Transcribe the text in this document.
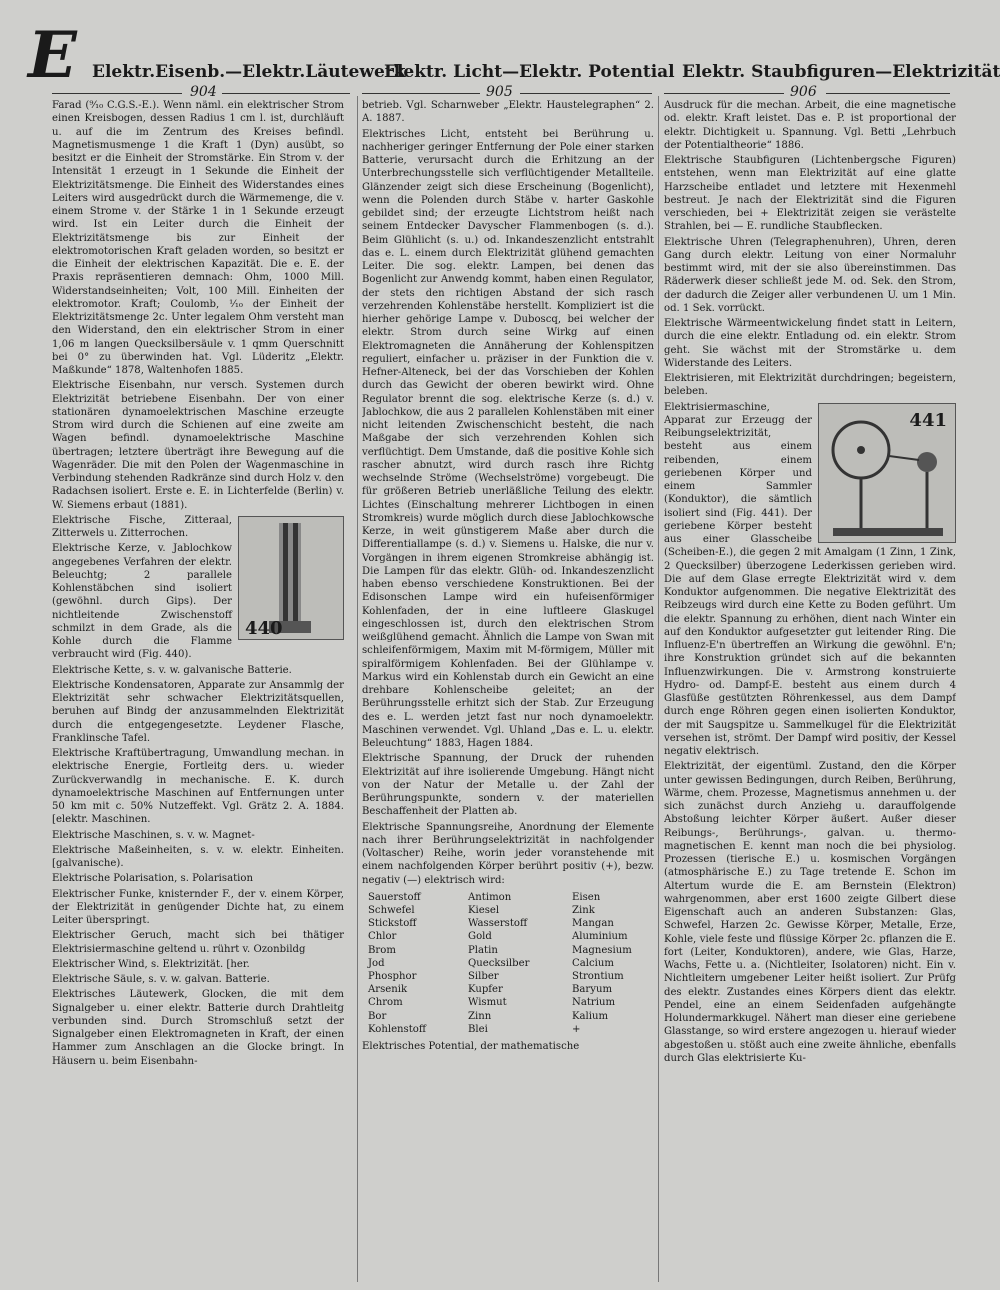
E Elektr.Eisenb.—Elektr.Läutewerk
Elektr. Licht—Elektr. Potential Elektr. Staubfiguren—Elektrizität
904	905	906

Farad (⁹⁄₁₀ C.G.S.-E.). Wenn näml. ein elektrischer Strom einen Kreisbogen, dessen Radius 1 cm l. ist, durchläuft u. auf die im Zentrum des Kreises befindl. Magnetismusmenge 1 die Kraft 1 (Dyn) ausübt, so besitzt er die Einheit der Stromstärke. Ein Strom v. der Intensität 1 erzeugt in 1 Sekunde die Einheit der Elektrizitätsmenge. Die Einheit des Widerstandes eines Leiters wird ausgedrückt durch die Wärmemenge, die v. einem Strome v. der Stärke 1 in 1 Sekunde erzeugt wird. Ist ein Leiter durch die Einheit der Elektrizitätsmenge bis zur Einheit der elektromotorischen Kraft geladen worden, so besitzt er die Einheit der elektrischen Kapazität. Die e. E. der Praxis repräsentieren demnach: Ohm, 1000 Mill. Widerstandseinheiten; Volt, 100 Mill. Einheiten der elektromotor. Kraft; Coulomb, ¹⁄₁₀ der Einheit der Elektrizitätsmenge 2c. Unter legalem Ohm versteht man den Widerstand, den ein elektrischer Strom in einer 1,06 m langen Quecksilbersäule v. 1 qmm Querschnitt bei 0° zu überwinden hat. Vgl. Lüderitz „Elektr. Maßkunde“ 1878, Waltenhofen 1885.

Elektrische Eisenbahn, nur versch. Systemen durch Elektrizität betriebene Eisenbahn. Der von einer stationären dynamoelektrischen Maschine erzeugte Strom wird durch die Schienen auf eine zweite am Wagen befindl. dynamoelektrische Maschine übertragen; letztere überträgt ihre Bewegung auf die Wagenräder. Die mit den Polen der Wagenmaschine in Verbindung stehenden Radkränze sind durch Holz v. den Radachsen isoliert. Erste e. E. in Lichterfelde (Berlin) v. W. Siemens erbaut (1881).

440

Elektrische Fische, Zitteraal, Zitterwels u. Zitterrochen.

Elektrische Kerze, v. Jablochkow angegebenes Verfahren der elektr. Beleuchtg; 2 parallele Kohlenstäbchen sind isoliert (gewöhnl. durch Gips). Der nichtleitende Zwischenstoff schmilzt in dem Grade, als die Kohle durch die Flamme verbraucht wird (Fig. 440).

Elektrische Kette, s. v. w. galvanische Batterie.

Elektrische Kondensatoren, Apparate zur Ansammlg der Elektrizität sehr schwacher Elektrizitätsquellen, beruhen auf Bindg der anzusammelnden Elektrizität durch die entgegengesetzte. Leydener Flasche, Franklinsche Tafel.

Elektrische Kraftübertragung, Umwandlung mechan. in elektrische Energie, Fortleitg ders. u. wieder Zurückverwandlg in mechanische. E. K. durch dynamoelektrische Maschinen auf Entfernungen unter 50 km mit c. 50% Nutzeffekt. Vgl. Grätz 2. A. 1884. [elektr. Maschinen.

Elektrische Maschinen, s. v. w. Magnet-

Elektrische Maßeinheiten, s. v. w. elektr. Einheiten. [galvanische).

Elektrische Polarisation, s. Polarisation

Elektrischer Funke, knisternder F., der v. einem Körper, der Elektrizität in genügender Dichte hat, zu einem Leiter überspringt.

Elektrischer Geruch, macht sich bei thätiger Elektrisiermaschine geltend u. rührt v. Ozonbildg

Elektrischer Wind, s. Elektrizität. [her.

Elektrische Säule, s. v. w. galvan. Batterie.

Elektrisches Läutewerk, Glocken, die mit dem Signalgeber u. einer elektr. Batterie durch Drahtleitg verbunden sind. Durch Stromschluß setzt der Signalgeber einen Elektromagneten in Kraft, der einen Hammer zum Anschlagen an die Glocke bringt. In Häusern u. beim Eisenbahn-

betrieb. Vgl. Scharnweber „Elektr. Haustelegraphen“ 2. A. 1887.

Elektrisches Licht, entsteht bei Berührung u. nachheriger geringer Entfernung der Pole einer starken Batterie, verursacht durch die Erhitzung an der Unterbrechungsstelle sich verflüchtigender Metallteile. Glänzender zeigt sich diese Erscheinung (Bogenlicht), wenn die Polenden durch Stäbe v. harter Gaskohle gebildet sind; der erzeugte Lichtstrom heißt nach seinem Entdecker Davyscher Flammenbogen (s. d.). Beim Glühlicht (s. u.) od. Inkandeszenzlicht entstrahlt das e. L. einem durch Elektrizität glühend gemachten Leiter. Die sog. elektr. Lampen, bei denen das Bogenlicht zur Anwendg kommt, haben einen Regulator, der stets den richtigen Abstand der sich rasch verzehrenden Kohlenstäbe herstellt. Kompliziert ist die hierher gehörige Lampe v. Duboscq, bei welcher der elektr. Strom durch seine Wirkg auf einen Elektromagneten die Annäherung der Kohlenspitzen reguliert, einfacher u. präziser in der Funktion die v. Hefner-Alteneck, bei der das Vorschieben der Kohlen durch das Gewicht der oberen bewirkt wird. Ohne Regulator brennt die sog. elektrische Kerze (s. d.) v. Jablochkow, die aus 2 parallelen Kohlenstäben mit einer nicht leitenden Zwischenschicht besteht, die nach Maßgabe der sich verzehrenden Kohlen sich verflüchtigt. Dem Umstande, daß die positive Kohle sich rascher abnutzt, wird durch rasch ihre Richtg wechselnde Ströme (Wechselströme) vorgebeugt. Die für größeren Betrieb unerläßliche Teilung des elektr. Lichtes (Einschaltung mehrerer Lichtbogen in einen Stromkreis) wurde möglich durch diese Jablochkowsche Kerze, in weit günstigerem Maße aber durch die Differentiallampe (s. d.) v. Siemens u. Halske, die nur v. Vorgängen in ihrem eigenen Stromkreise abhängig ist. Die Lampen für das elektr. Glüh- od. Inkandeszenzlicht haben ebenso verschiedene Konstruktionen. Bei der Edisonschen Lampe wird ein hufeisenförmiger Kohlenfaden, der in eine luftleere Glaskugel eingeschlossen ist, durch den elektrischen Strom weißglühend gemacht. Ähnlich die Lampe von Swan mit schleifenförmigem, Maxim mit M-förmigem, Müller mit spiralförmigem Kohlenfaden. Bei der Glühlampe v. Markus wird ein Kohlenstab durch ein Gewicht an eine drehbare Kohlenscheibe geleitet; an der Berührungsstelle erhitzt sich der Stab. Zur Erzeugung des e. L. werden jetzt fast nur noch dynamoelektr. Maschinen verwendet. Vgl. Uhland „Das e. L. u. elektr. Beleuchtung“ 1883, Hagen 1884.

Elektrische Spannung, der Druck der ruhenden Elektrizität auf ihre isolierende Umgebung. Hängt nicht von der Natur der Metalle u. der Zahl der Berührungspunkte, sondern v. der materiellen Beschaffenheit der Platten ab.

Elektrische Spannungsreihe, Anordnung der Elemente nach ihrer Berührungselektrizität in nachfolgender (Voltascher) Reihe, worin jeder voranstehende mit einem nachfolgenden Körper berührt positiv (+), bezw. negativ (—) elektrisch wird:

Sauerstoff	Antimon	Eisen
Schwefel	Kiesel	Zink
Stickstoff	Wasserstoff	Mangan
Chlor	Gold	Aluminium
Brom	Platin	Magnesium
Jod	Quecksilber	Calcium
Phosphor	Silber	Strontium
Arsenik	Kupfer	Baryum
Chrom	Wismut	Natrium
Bor	Zinn	Kalium
Kohlenstoff	Blei	+

Elektrisches Potential, der mathematische

Ausdruck für die mechan. Arbeit, die eine magnetische od. elektr. Kraft leistet. Das e. P. ist proportional der elektr. Dichtigkeit u. Spannung. Vgl. Betti „Lehrbuch der Potentialtheorie“ 1886.

Elektrische Staubfiguren (Lichtenbergsche Figuren) entstehen, wenn man Elektrizität auf eine glatte Harzscheibe entladet und letztere mit Hexenmehl bestreut. Je nach der Elektrizität sind die Figuren verschieden, bei + Elektrizität zeigen sie verästelte Strahlen, bei — E. rundliche Staubflecken.

Elektrische Uhren (Telegraphenuhren), Uhren, deren Gang durch elektr. Leitung von einer Normaluhr bestimmt wird, mit der sie also übereinstimmen. Das Räderwerk dieser schließt jede M. od. Sek. den Strom, der dadurch die Zeiger aller verbundenen U. um 1 Min. od. 1 Sek. vorrückt.

Elektrische Wärmeentwickelung findet statt in Leitern, durch die eine elektr. Entladung od. ein elektr. Strom geht. Sie wächst mit der Stromstärke u. dem Widerstande des Leiters.

Elektrisieren, mit Elektrizität durchdringen; begeistern, beleben.

441

Elektrisiermaschine, Apparat zur Erzeugg der Reibungselektrizität, besteht aus einem reibenden, einem geriebenen Körper und einem Sammler (Konduktor), die sämtlich isoliert sind (Fig. 441). Der geriebene Körper besteht aus einer Glasscheibe (Scheiben-E.), die gegen 2 mit Amalgam (1 Zinn, 1 Zink, 2 Quecksilber) überzogene Lederkissen gerieben wird. Die auf dem Glase erregte Elektrizität wird v. dem Konduktor aufgenommen. Die negative Elektrizität des Reibzeugs wird durch eine Kette zu Boden geführt. Um die elektr. Spannung zu erhöhen, dient nach Winter ein auf den Konduktor aufgesetzter gut leitender Ring. Die Influenz-E'n übertreffen an Wirkung die gewöhnl. E'n; ihre Konstruktion gründet sich auf die bekannten Influenzwirkungen. Die v. Armstrong konstruierte Hydro- od. Dampf-E. besteht aus einem durch 4 Glasfüße gestützten Röhrenkessel, aus dem Dampf durch enge Röhren gegen einen isolierten Konduktor, der mit Saugspitze u. Sammelkugel für die Elektrizität versehen ist, strömt. Der Dampf wird positiv, der Kessel negativ elektrisch.

Elektrizität, der eigentüml. Zustand, den die Körper unter gewissen Bedingungen, durch Reiben, Berührung, Wärme, chem. Prozesse, Magnetismus annehmen u. der sich zunächst durch Anziehg u. darauffolgende Abstoßung leichter Körper äußert. Außer dieser Reibungs-, Berührungs-, galvan. u. thermo-magnetischen E. kennt man noch die bei physiolog. Prozessen (tierische E.) u. kosmischen Vorgängen (atmosphärische E.) zu Tage tretende E. Schon im Altertum wurde die E. am Bernstein (Elektron) wahrgenommen, aber erst 1600 zeigte Gilbert diese Eigenschaft auch an anderen Substanzen: Glas, Schwefel, Harzen 2c. Gewisse Körper, Metalle, Erze, Kohle, viele feste und flüssige Körper 2c. pflanzen die E. fort (Leiter, Konduktoren), andere, wie Glas, Harze, Wachs, Fette u. a. (Nichtleiter, Isolatoren) nicht. Ein v. Nichtleitern umgebener Leiter heißt isoliert. Zur Prüfg des elektr. Zustandes eines Körpers dient das elektr. Pendel, eine an einem Seidenfaden aufgehängte Holundermarkkugel. Nähert man dieser eine geriebene Glasstange, so wird erstere angezogen u. hierauf wieder abgestoßen u. stößt auch eine zweite ähnliche, ebenfalls durch Glas elektrisierte Ku-
